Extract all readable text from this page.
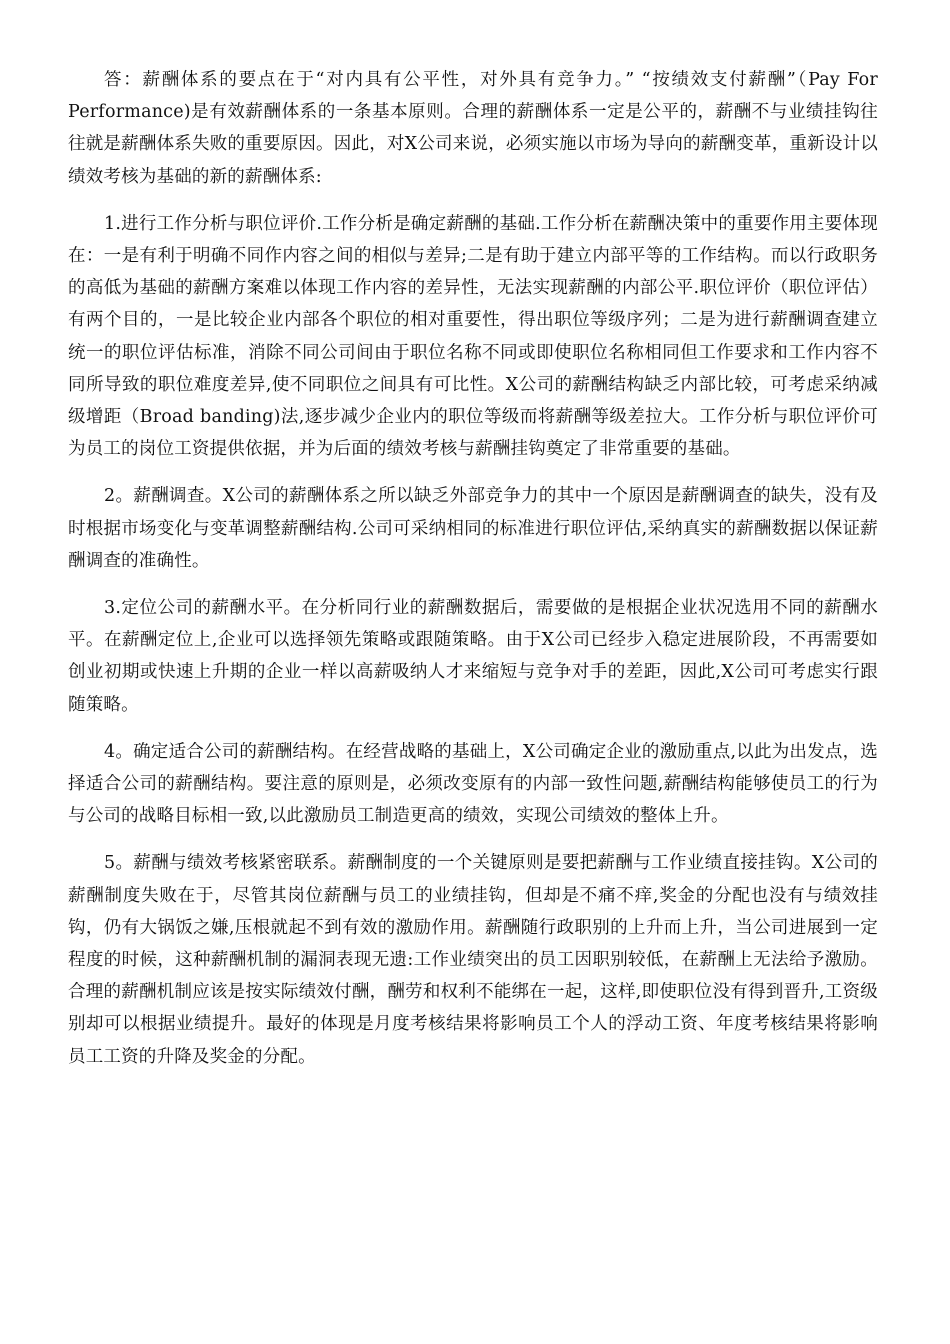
答：薪酬体系的要点在于“对内具有公平性，对外具有竞争力。” “按绩效支付薪酬”（Pay For Performance)是有效薪酬体系的一条基本原则。合理的薪酬体系一定是公平的，薪酬不与业绩挂钩往往就是薪酬体系失败的重要原因。因此，对X公司来说，必须实施以市场为导向的薪酬变革，重新设计以绩效考核为基础的新的薪酬体系:

1.进行工作分析与职位评价.工作分析是确定薪酬的基础.工作分析在薪酬决策中的重要作用主要体现在：一是有利于明确不同作内容之间的相似与差异;二是有助于建立内部平等的工作结构。而以行政职务的高低为基础的薪酬方案难以体现工作内容的差异性，无法实现薪酬的内部公平.职位评价（职位评估）有两个目的，一是比较企业内部各个职位的相对重要性，得出职位等级序列；二是为进行薪酬调查建立统一的职位评估标准，消除不同公司间由于职位名称不同或即使职位名称相同但工作要求和工作内容不同所导致的职位难度差异,使不同职位之间具有可比性。X公司的薪酬结构缺乏内部比较，可考虑采纳减级增距（Broad banding)法,逐步减少企业内的职位等级而将薪酬等级差拉大。工作分析与职位评价可为员工的岗位工资提供依据，并为后面的绩效考核与薪酬挂钩奠定了非常重要的基础。

2。薪酬调查。X公司的薪酬体系之所以缺乏外部竞争力的其中一个原因是薪酬调查的缺失，没有及时根据市场变化与变革调整薪酬结构.公司可采纳相同的标准进行职位评估,采纳真实的薪酬数据以保证薪酬调查的准确性。

3.定位公司的薪酬水平。在分析同行业的薪酬数据后，需要做的是根据企业状况选用不同的薪酬水平。在薪酬定位上,企业可以选择领先策略或跟随策略。由于X公司已经步入稳定进展阶段，不再需要如创业初期或快速上升期的企业一样以高薪吸纳人才来缩短与竞争对手的差距，因此,X公司可考虑实行跟随策略。

4。确定适合公司的薪酬结构。在经营战略的基础上，X公司确定企业的激励重点,以此为出发点，选择适合公司的薪酬结构。要注意的原则是，必须改变原有的内部一致性问题,薪酬结构能够使员工的行为与公司的战略目标相一致,以此激励员工制造更高的绩效，实现公司绩效的整体上升。

5。薪酬与绩效考核紧密联系。薪酬制度的一个关键原则是要把薪酬与工作业绩直接挂钩。X公司的薪酬制度失败在于，尽管其岗位薪酬与员工的业绩挂钩，但却是不痛不痒,奖金的分配也没有与绩效挂钩，仍有大锅饭之嫌,压根就起不到有效的激励作用。薪酬随行政职别的上升而上升，当公司进展到一定程度的时候，这种薪酬机制的漏洞表现无遗:工作业绩突出的员工因职别较低，在薪酬上无法给予激励。合理的薪酬机制应该是按实际绩效付酬，酬劳和权利不能绑在一起，这样,即使职位没有得到晋升,工资级别却可以根据业绩提升。最好的体现是月度考核结果将影响员工个人的浮动工资、年度考核结果将影响员工工资的升降及奖金的分配。
